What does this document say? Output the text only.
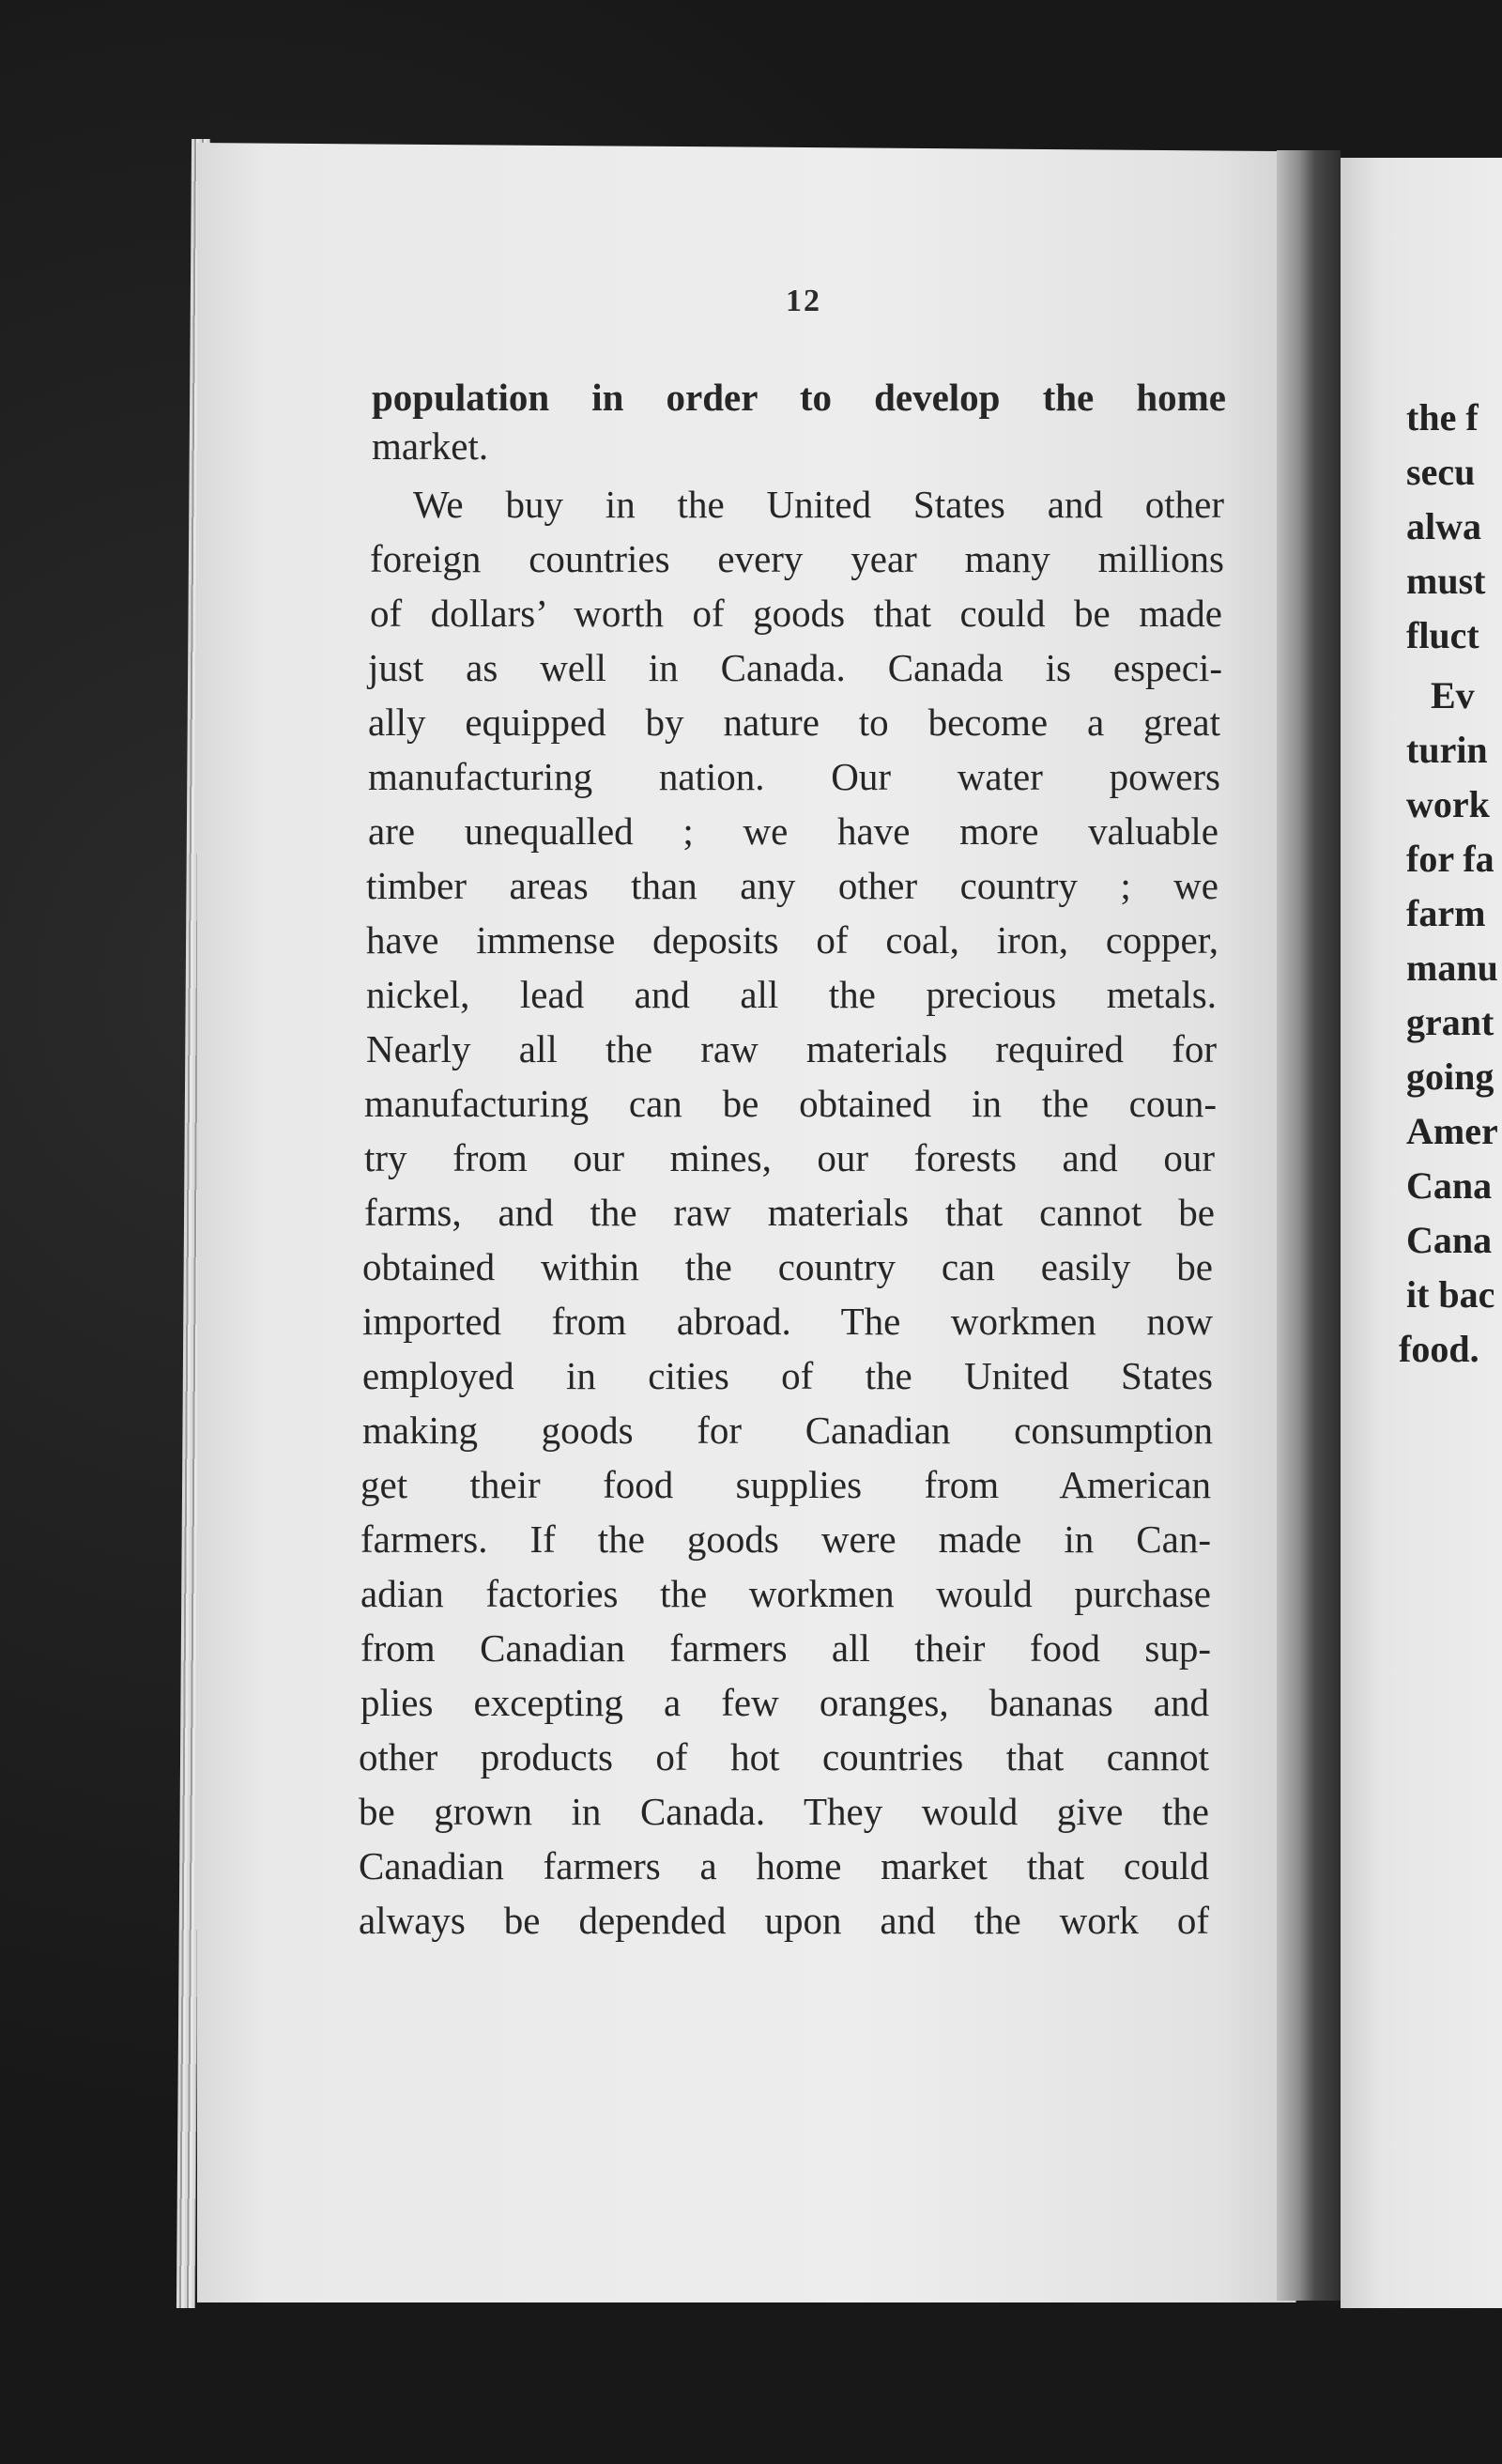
12
population in order to develop the home
market.
We buy in the United States and other
foreign countries every year many millions
of dollars’ worth of goods that could be made
just as well in Canada. Canada is especi-
ally equipped by nature to become a great
manufacturing nation. Our water powers
are unequalled ; we have more valuable
timber areas than any other country ; we
have immense deposits of coal, iron, copper,
nickel, lead and all the precious metals.
Nearly all the raw materials required for
manufacturing can be obtained in the coun-
try from our mines, our forests and our
farms, and the raw materials that cannot be
obtained within the country can easily be
imported from abroad. The workmen now
employed in cities of the United States
making goods for Canadian consumption
get their food supplies from American
farmers. If the goods were made in Can-
adian factories the workmen would purchase
from Canadian farmers all their food sup-
plies excepting a few oranges, bananas and
other products of hot countries that cannot
be grown in Canada. They would give the
Canadian farmers a home market that could
always be depended upon and the work of
the f
secu
alwa
must
fluct
Ev
turin
work
for fa
farm
manu
grant
going
Amer
Cana
Cana
it bac
food.
